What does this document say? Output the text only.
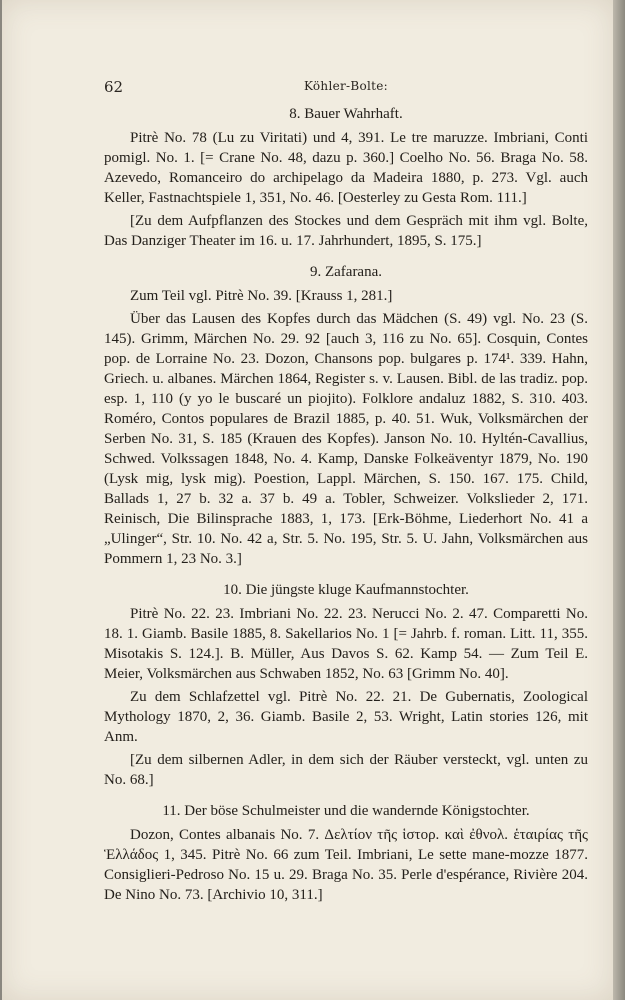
62	Köhler-Bolte:
8. Bauer Wahrhaft.

Pitrè No. 78 (Lu zu Viritati) und 4, 391. Le tre maruzze. Imbriani, Conti pomigl. No. 1. [= Crane No. 48, dazu p. 360.] Coelho No. 56. Braga No. 58. Azevedo, Romanceiro do archipelago da Madeira 1880, p. 273. Vgl. auch Keller, Fastnachtspiele 1, 351, No. 46. [Oesterley zu Gesta Rom. 111.]

[Zu dem Aufpflanzen des Stockes und dem Gespräch mit ihm vgl. Bolte, Das Danziger Theater im 16. u. 17. Jahrhundert, 1895, S. 175.]

9. Zafarana.

Zum Teil vgl. Pitrè No. 39. [Krauss 1, 281.]

Über das Lausen des Kopfes durch das Mädchen (S. 49) vgl. No. 23 (S. 145). Grimm, Märchen No. 29. 92 [auch 3, 116 zu No. 65]. Cosquin, Contes pop. de Lorraine No. 23. Dozon, Chansons pop. bulgares p. 174¹. 339. Hahn, Griech. u. albanes. Märchen 1864, Register s. v. Lausen. Bibl. de las tradiz. pop. esp. 1, 110 (y yo le buscaré un piojito). Folklore andaluz 1882, S. 310. 403. Roméro, Contos populares de Brazil 1885, p. 40. 51. Wuk, Volksmärchen der Serben No. 31, S. 185 (Krauen des Kopfes). Janson No. 10. Hyltén-Cavallius, Schwed. Volkssagen 1848, No. 4. Kamp, Danske Folkeäventyr 1879, No. 190 (Lysk mig, lysk mig). Poestion, Lappl. Märchen, S. 150. 167. 175. Child, Ballads 1, 27 b. 32 a. 37 b. 49 a. Tobler, Schweizer. Volkslieder 2, 171. Reinisch, Die Bilinsprache 1883, 1, 173. [Erk-Böhme, Liederhort No. 41 a „Ulinger“, Str. 10. No. 42 a, Str. 5. No. 195, Str. 5. U. Jahn, Volksmärchen aus Pommern 1, 23 No. 3.]

10. Die jüngste kluge Kaufmannstochter.

Pitrè No. 22. 23. Imbriani No. 22. 23. Nerucci No. 2. 47. Comparetti No. 18. 1. Giamb. Basile 1885, 8. Sakellarios No. 1 [= Jahrb. f. roman. Litt. 11, 355. Misotakis S. 124.]. B. Müller, Aus Davos S. 62. Kamp 54. — Zum Teil E. Meier, Volksmärchen aus Schwaben 1852, No. 63 [Grimm No. 40].

Zu dem Schlafzettel vgl. Pitrè No. 22. 21. De Gubernatis, Zoological Mythology 1870, 2, 36. Giamb. Basile 2, 53. Wright, Latin stories 126, mit Anm.

[Zu dem silbernen Adler, in dem sich der Räuber versteckt, vgl. unten zu No. 68.]

11. Der böse Schulmeister und die wandernde Königstochter.

Dozon, Contes albanais No. 7. Δελτίον τῆς ἱστορ. καὶ ἐθνολ. ἑταιρίας τῆς Ἑλλάδος 1, 345. Pitrè No. 66 zum Teil. Imbriani, Le sette mane-mozze 1877. Consiglieri-Pedroso No. 15 u. 29. Braga No. 35. Perle d'espérance, Rivière 204. De Nino No. 73. [Archivio 10, 311.]
